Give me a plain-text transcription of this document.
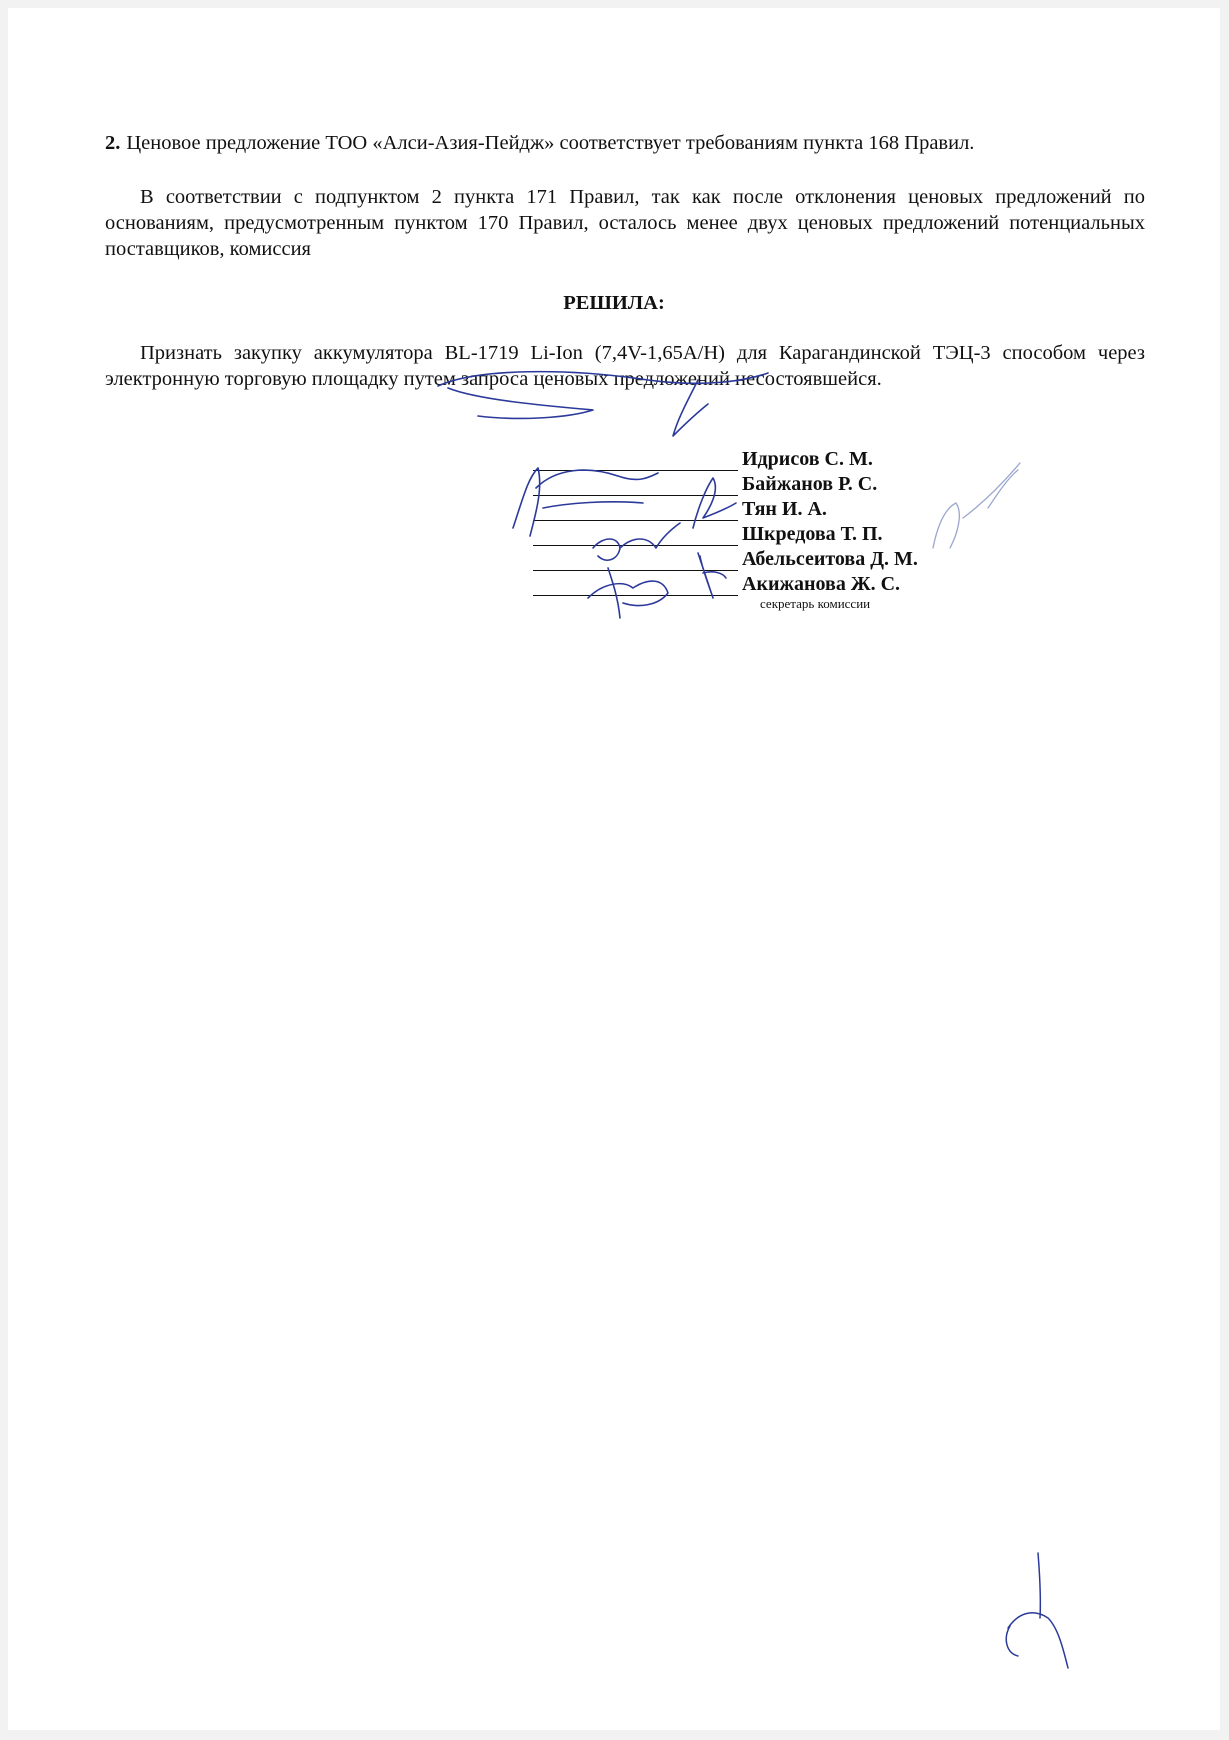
2. Ценовое предложение ТОО «Алси-Азия-Пейдж» соответствует требованиям пункта 168 Правил.
В соответствии с подпунктом 2 пункта 171 Правил, так как после отклонения ценовых предложений по основаниям, предусмотренным пунктом 170 Правил, осталось менее двух ценовых предложений потенциальных поставщиков, комиссия
РЕШИЛА:
Признать закупку аккумулятора BL-1719 Li-Ion (7,4V-1,65A/H) для Карагандинской ТЭЦ-3 способом через электронную торговую площадку путем запроса ценовых предложений несостоявшейся.
Идрисов С. М.
Байжанов Р. С.
Тян И. А.
Шкредова Т. П.
Абельсеитова Д. М.
Акижанова Ж. С.
секретарь комиссии
